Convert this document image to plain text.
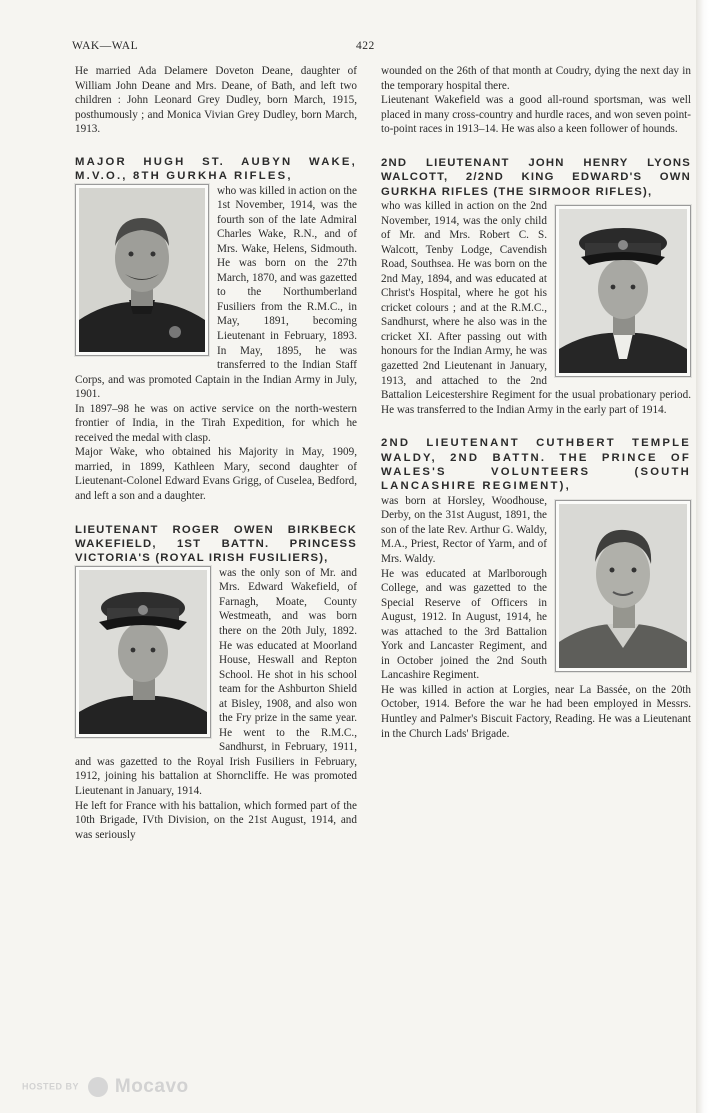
WAK—WAL	422

He married Ada Delamere Doveton Deane, daughter of William John Deane and Mrs. Deane, of Bath, and left two children : John Leonard Grey Dudley, born March, 1915, posthumously ; and Monica Vivian Grey Dudley, born March, 1913.

MAJOR HUGH ST. AUBYN WAKE, M.V.O., 8TH GURKHA RIFLES,

who was killed in action on the 1st November, 1914, was the fourth son of the late Admiral Charles Wake, R.N., and of Mrs. Wake, Helens, Sidmouth. He was born on the 27th March, 1870, and was gazetted to the Northumberland Fusiliers from the R.M.C., in May, 1891, becoming Lieutenant in February, 1893. In May, 1895, he was transferred to the Indian Staff Corps, and was promoted Captain in the Indian Army in July, 1901.

In 1897–98 he was on active service on the north-western frontier of India, in the Tirah Expedition, for which he received the medal with clasp.

Major Wake, who obtained his Majority in May, 1909, married, in 1899, Kathleen Mary, second daughter of Lieutenant-Colonel Edward Evans Grigg, of Cuselea, Bedford, and left a son and a daughter.

LIEUTENANT ROGER OWEN BIRKBECK WAKEFIELD, 1ST BATTN. PRINCESS VICTORIA'S (ROYAL IRISH FUSILIERS),

was the only son of Mr. and Mrs. Edward Wakefield, of Farnagh, Moate, County Westmeath, and was born there on the 20th July, 1892. He was educated at Moorland House, Heswall and Repton School. He shot in his school team for the Ashburton Shield at Bisley, 1908, and also won the Fry prize in the same year. He went to the R.M.C., Sandhurst, in February, 1911, and was gazetted to the Royal Irish Fusiliers in February, 1912, joining his battalion at Shorncliffe. He was promoted Lieutenant in January, 1914.

He left for France with his battalion, which formed part of the 10th Brigade, IVth Division, on the 21st August, 1914, and was seriously

wounded on the 26th of that month at Coudry, dying the next day in the temporary hospital there.

Lieutenant Wakefield was a good all-round sportsman, was well placed in many cross-country and hurdle races, and won seven point-to-point races in 1913–14. He was also a keen follower of hounds.

2ND LIEUTENANT JOHN HENRY LYONS WALCOTT, 2/2ND KING EDWARD'S OWN GURKHA RIFLES (THE SIRMOOR RIFLES),

who was killed in action on the 2nd November, 1914, was the only child of Mr. and Mrs. Robert C. S. Walcott, Tenby Lodge, Cavendish Road, Southsea. He was born on the 2nd May, 1894, and was educated at Christ's Hospital, where he got his cricket colours ; and at the R.M.C., Sandhurst, where he also was in the cricket XI. After passing out with honours for the Indian Army, he was gazetted 2nd Lieutenant in January, 1913, and attached to the 2nd Battalion Leicestershire Regiment for the usual probationary period. He was transferred to the Indian Army in the early part of 1914.

2ND LIEUTENANT CUTHBERT TEMPLE WALDY, 2ND BATTN. THE PRINCE OF WALES'S VOLUNTEERS (SOUTH LANCASHIRE REGIMENT),

was born at Horsley, Woodhouse, Derby, on the 31st August, 1891, the son of the late Rev. Arthur G. Waldy, M.A., Priest, Rector of Yarm, and of Mrs. Waldy.

He was educated at Marlborough College, and was gazetted to the Special Reserve of Officers in August, 1912. In August, 1914, he was attached to the 3rd Battalion York and Lancaster Regiment, and in October joined the 2nd South Lancashire Regiment.

He was killed in action at Lorgies, near La Bassée, on the 20th October, 1914. Before the war he had been employed in Messrs. Huntley and Palmer's Biscuit Factory, Reading. He was a Lieutenant in the Church Lads' Brigade.

HOSTED BY Mocavo
